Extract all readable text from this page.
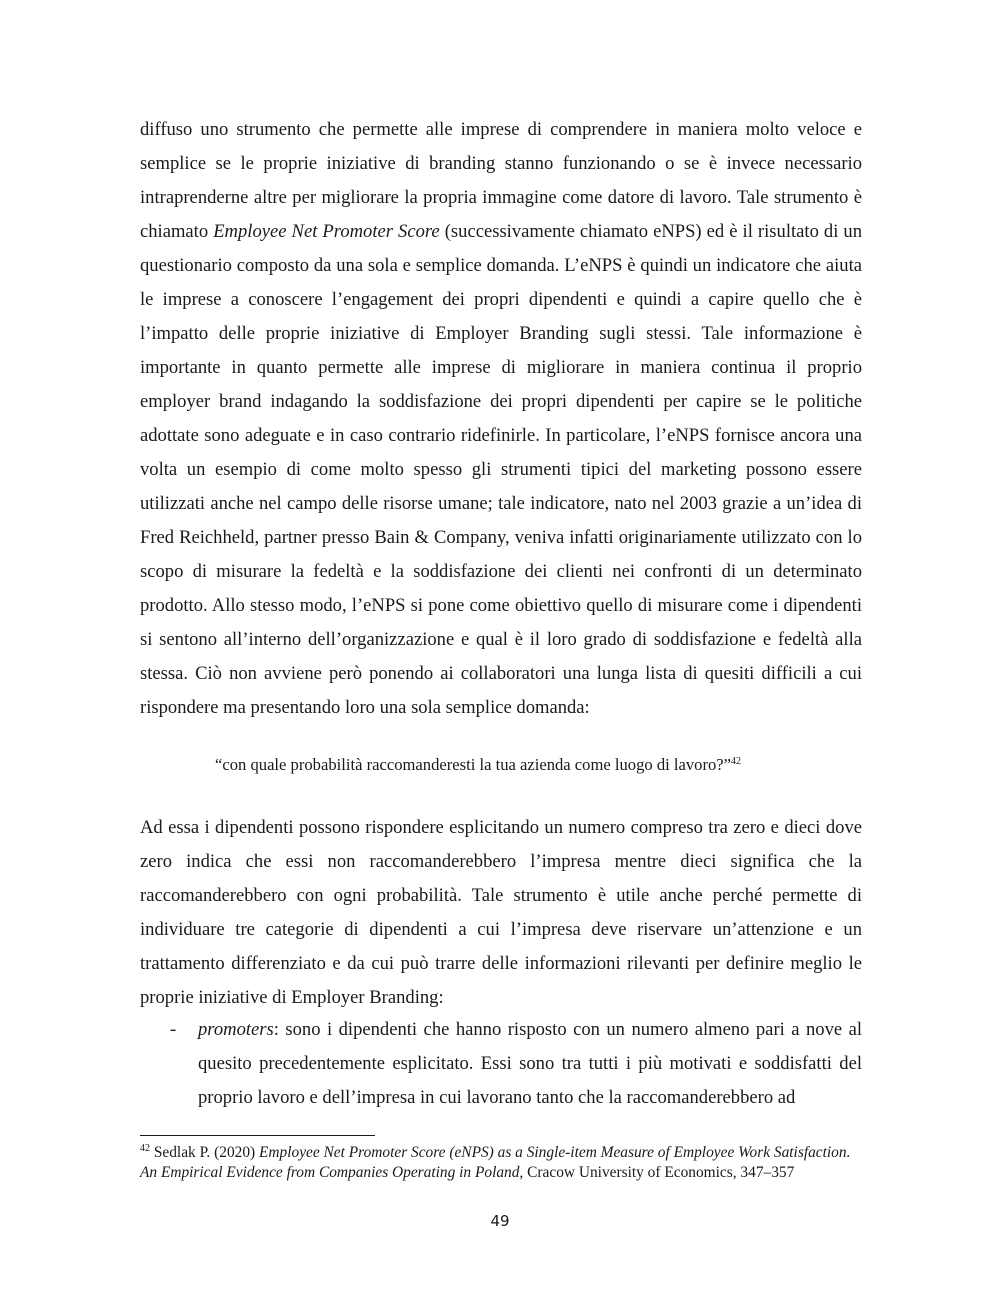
diffuso uno strumento che permette alle imprese di comprendere in maniera molto veloce e semplice se le proprie iniziative di branding stanno funzionando o se è invece necessario intraprenderne altre per migliorare la propria immagine come datore di lavoro. Tale strumento è chiamato Employee Net Promoter Score (successivamente chiamato eNPS) ed è il risultato di un questionario composto da una sola e semplice domanda. L’eNPS è quindi un indicatore che aiuta le imprese a conoscere l’engagement dei propri dipendenti e quindi a capire quello che è l’impatto delle proprie iniziative di Employer Branding sugli stessi. Tale informazione è importante in quanto permette alle imprese di migliorare in maniera continua il proprio employer brand indagando la soddisfazione dei propri dipendenti per capire se le politiche adottate sono adeguate e in caso contrario ridefinirle. In particolare, l’eNPS fornisce ancora una volta un esempio di come molto spesso gli strumenti tipici del marketing possono essere utilizzati anche nel campo delle risorse umane; tale indicatore, nato nel 2003 grazie a un’idea di Fred Reichheld, partner presso Bain & Company, veniva infatti originariamente utilizzato con lo scopo di misurare la fedeltà e la soddisfazione dei clienti nei confronti di un determinato prodotto. Allo stesso modo, l’eNPS si pone come obiettivo quello di misurare come i dipendenti si sentono all’interno dell’organizzazione e qual è il loro grado di soddisfazione e fedeltà alla stessa. Ciò non avviene però ponendo ai collaboratori una lunga lista di quesiti difficili a cui rispondere ma presentando loro una sola semplice domanda:

“con quale probabilità raccomanderesti la tua azienda come luogo di lavoro?”$^{42}$

Ad essa i dipendenti possono rispondere esplicitando un numero compreso tra zero e dieci dove zero indica che essi non raccomanderebbero l’impresa mentre dieci significa che la raccomanderebbero con ogni probabilità. Tale strumento è utile anche perché permette di individuare tre categorie di dipendenti a cui l’impresa deve riservare un’attenzione e un trattamento differenziato e da cui può trarre delle informazioni rilevanti per definire meglio le proprie iniziative di Employer Branding:

- promoters: sono i dipendenti che hanno risposto con un numero almeno pari a nove al quesito precedentemente esplicitato. Essi sono tra tutti i più motivati e soddisfatti del proprio lavoro e dell’impresa in cui lavorano tanto che la raccomanderebbero ad

$^{42}$ Sedlak P. (2020) Employee Net Promoter Score (eNPS) as a Single-item Measure of Employee Work Satisfaction. An Empirical Evidence from Companies Operating in Poland, Cracow University of Economics, 347–357

49
